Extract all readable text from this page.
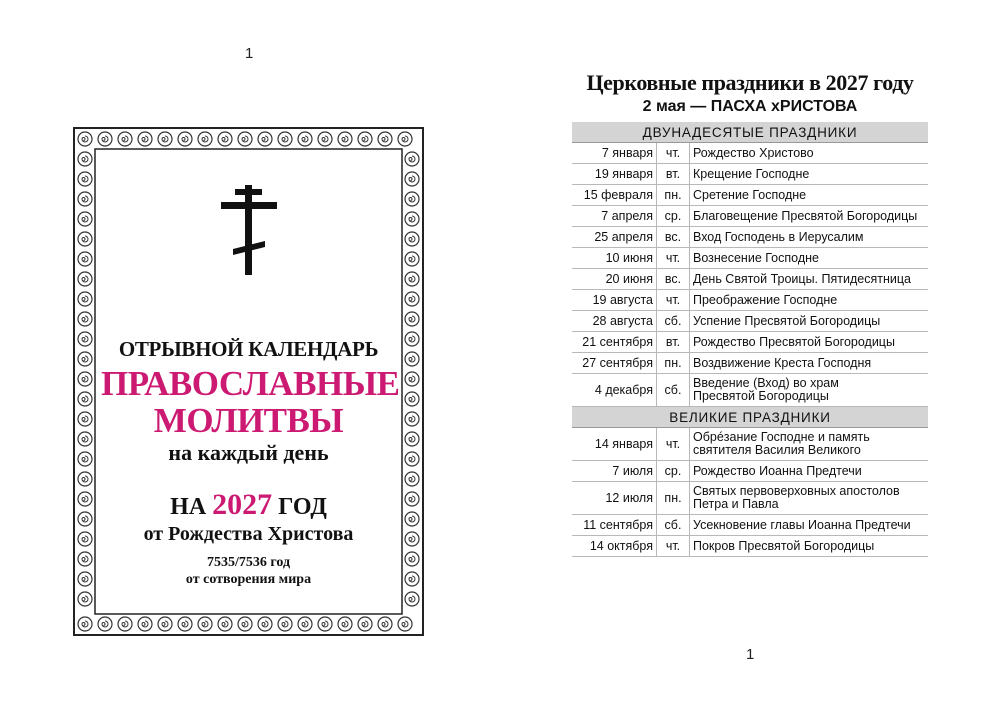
1
ОТРЫВНОЙ КАЛЕНДАРЬ
ПРАВОСЛАВНЫЕ
МОЛИТВЫ
на каждый день
НА 2027 ГОД
от Рождества Христова
7535/7536 год
от сотворения мира
Церковные праздники в 2027 году
2 мая — ПАСХА хРИСТОВА
ДВУНАДЕСЯТЫЕ ПРАЗДНИКИ		
7 января	чт.	Рождество Христово
19 января	вт.	Крещение Господне
15 февраля	пн.	Сретение Господне
7 апреля	ср.	Благовещение Пресвятой Богородицы
25 апреля	вс.	Вход Господень в Иерусалим
10 июня	чт.	Вознесение Господне
20 июня	вс.	День Святой Троицы. Пятидесятница
19 августа	чт.	Преображение Господне
28 августа	сб.	Успение Пресвятой Богородицы
21 сентября	вт.	Рождество Пресвятой Богородицы
27 сентября	пн.	Воздвижение Креста Господня
4 декабря	сб.	Введение (Вход) во храм
Пресвятой Богородицы
ВЕЛИКИЕ ПРАЗДНИКИ		
14 января	чт.	Обрéзание Господне и память
святителя Василия Великого
7 июля	ср.	Рождество Иоанна Предтечи
12 июля	пн.	Святых первоверховных апостолов
Петра и Павла
11 сентября	сб.	Усекновение главы Иоанна Предтечи
14 октября	чт.	Покров Пресвятой Богородицы
1
